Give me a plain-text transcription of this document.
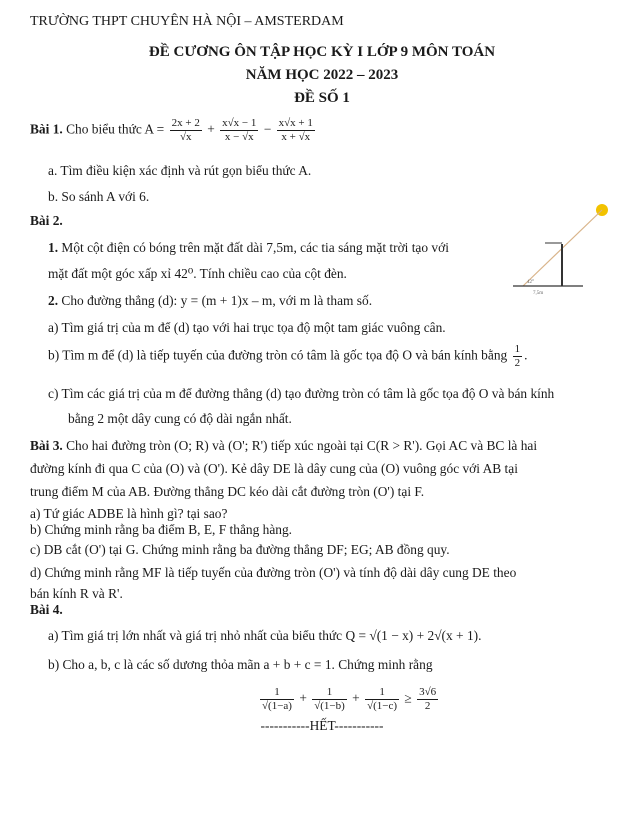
TRƯỜNG THPT CHUYÊN HÀ NỘI – AMSTERDAM
ĐỀ CƯƠNG ÔN TẬP HỌC KỲ I LỚP 9 MÔN TOÁN
NĂM HỌC 2022 – 2023
ĐỀ SỐ 1
Bài 1. Cho biểu thức $A = \frac{2x + 2}{√x} + \frac{x√x - 1}{x - √x} - \frac{x√x + 1}{x + √x}$
a. Tìm điều kiện xác định và rút gọn biểu thức A.
b. So sánh A với 6.
Bài 2.
1. Một cột điện có bóng trên mặt đất dài 7,5m, các tia sáng mặt trời tạo với
mặt đất một góc xấp xỉ 42⁰. Tính chiều cao của cột đèn.
42°
7,5m
2. Cho đường thẳng (d): y = (m + 1)x – m, với m là tham số.
a) Tìm giá trị của m để (d) tạo với hai trục tọa độ một tam giác vuông cân.
b) Tìm m để (d) là tiếp tuyến của đường tròn có tâm là gốc tọa độ O và bán kính bằng $\frac{1}{2}$ .
c) Tìm các giá trị của m để đường thẳng (d) tạo đường tròn có tâm là gốc tọa độ O và bán kính
bằng 2 một dây cung có độ dài ngắn nhất.
Bài 3. Cho hai đường tròn (O; R) và (O'; R') tiếp xúc ngoài tại C(R > R'). Gọi AC và BC là hai
đường kính đi qua C của (O) và (O'). Kẻ dây DE là dây cung của (O) vuông góc với AB tại
trung điểm M của AB. Đường thẳng DC kéo dài cắt đường tròn (O') tại F.
a) Tứ giác ADBE là hình gì? tại sao?
b) Chứng minh rằng ba điểm B, E, F thẳng hàng.
c) DB cắt (O') tại G. Chứng minh rằng ba đường thẳng DF; EG; AB đồng quy.
d) Chứng minh rằng MF là tiếp tuyến của đường tròn (O') và tính độ dài dây cung DE theo
bán kính R và R'.
Bài 4.
a) Tìm giá trị lớn nhất và giá trị nhỏ nhất của biểu thức Q = √(1 − x) + 2√(x + 1).
b) Cho a, b, c là các số dương thỏa mãn a + b + c = 1. Chứng minh rằng
$\frac{1}{√(1-a)} + \frac{1}{√(1-b)} + \frac{1}{√(1-c)} \ge \frac{3√6}{2}$
-----------HẾT-----------
